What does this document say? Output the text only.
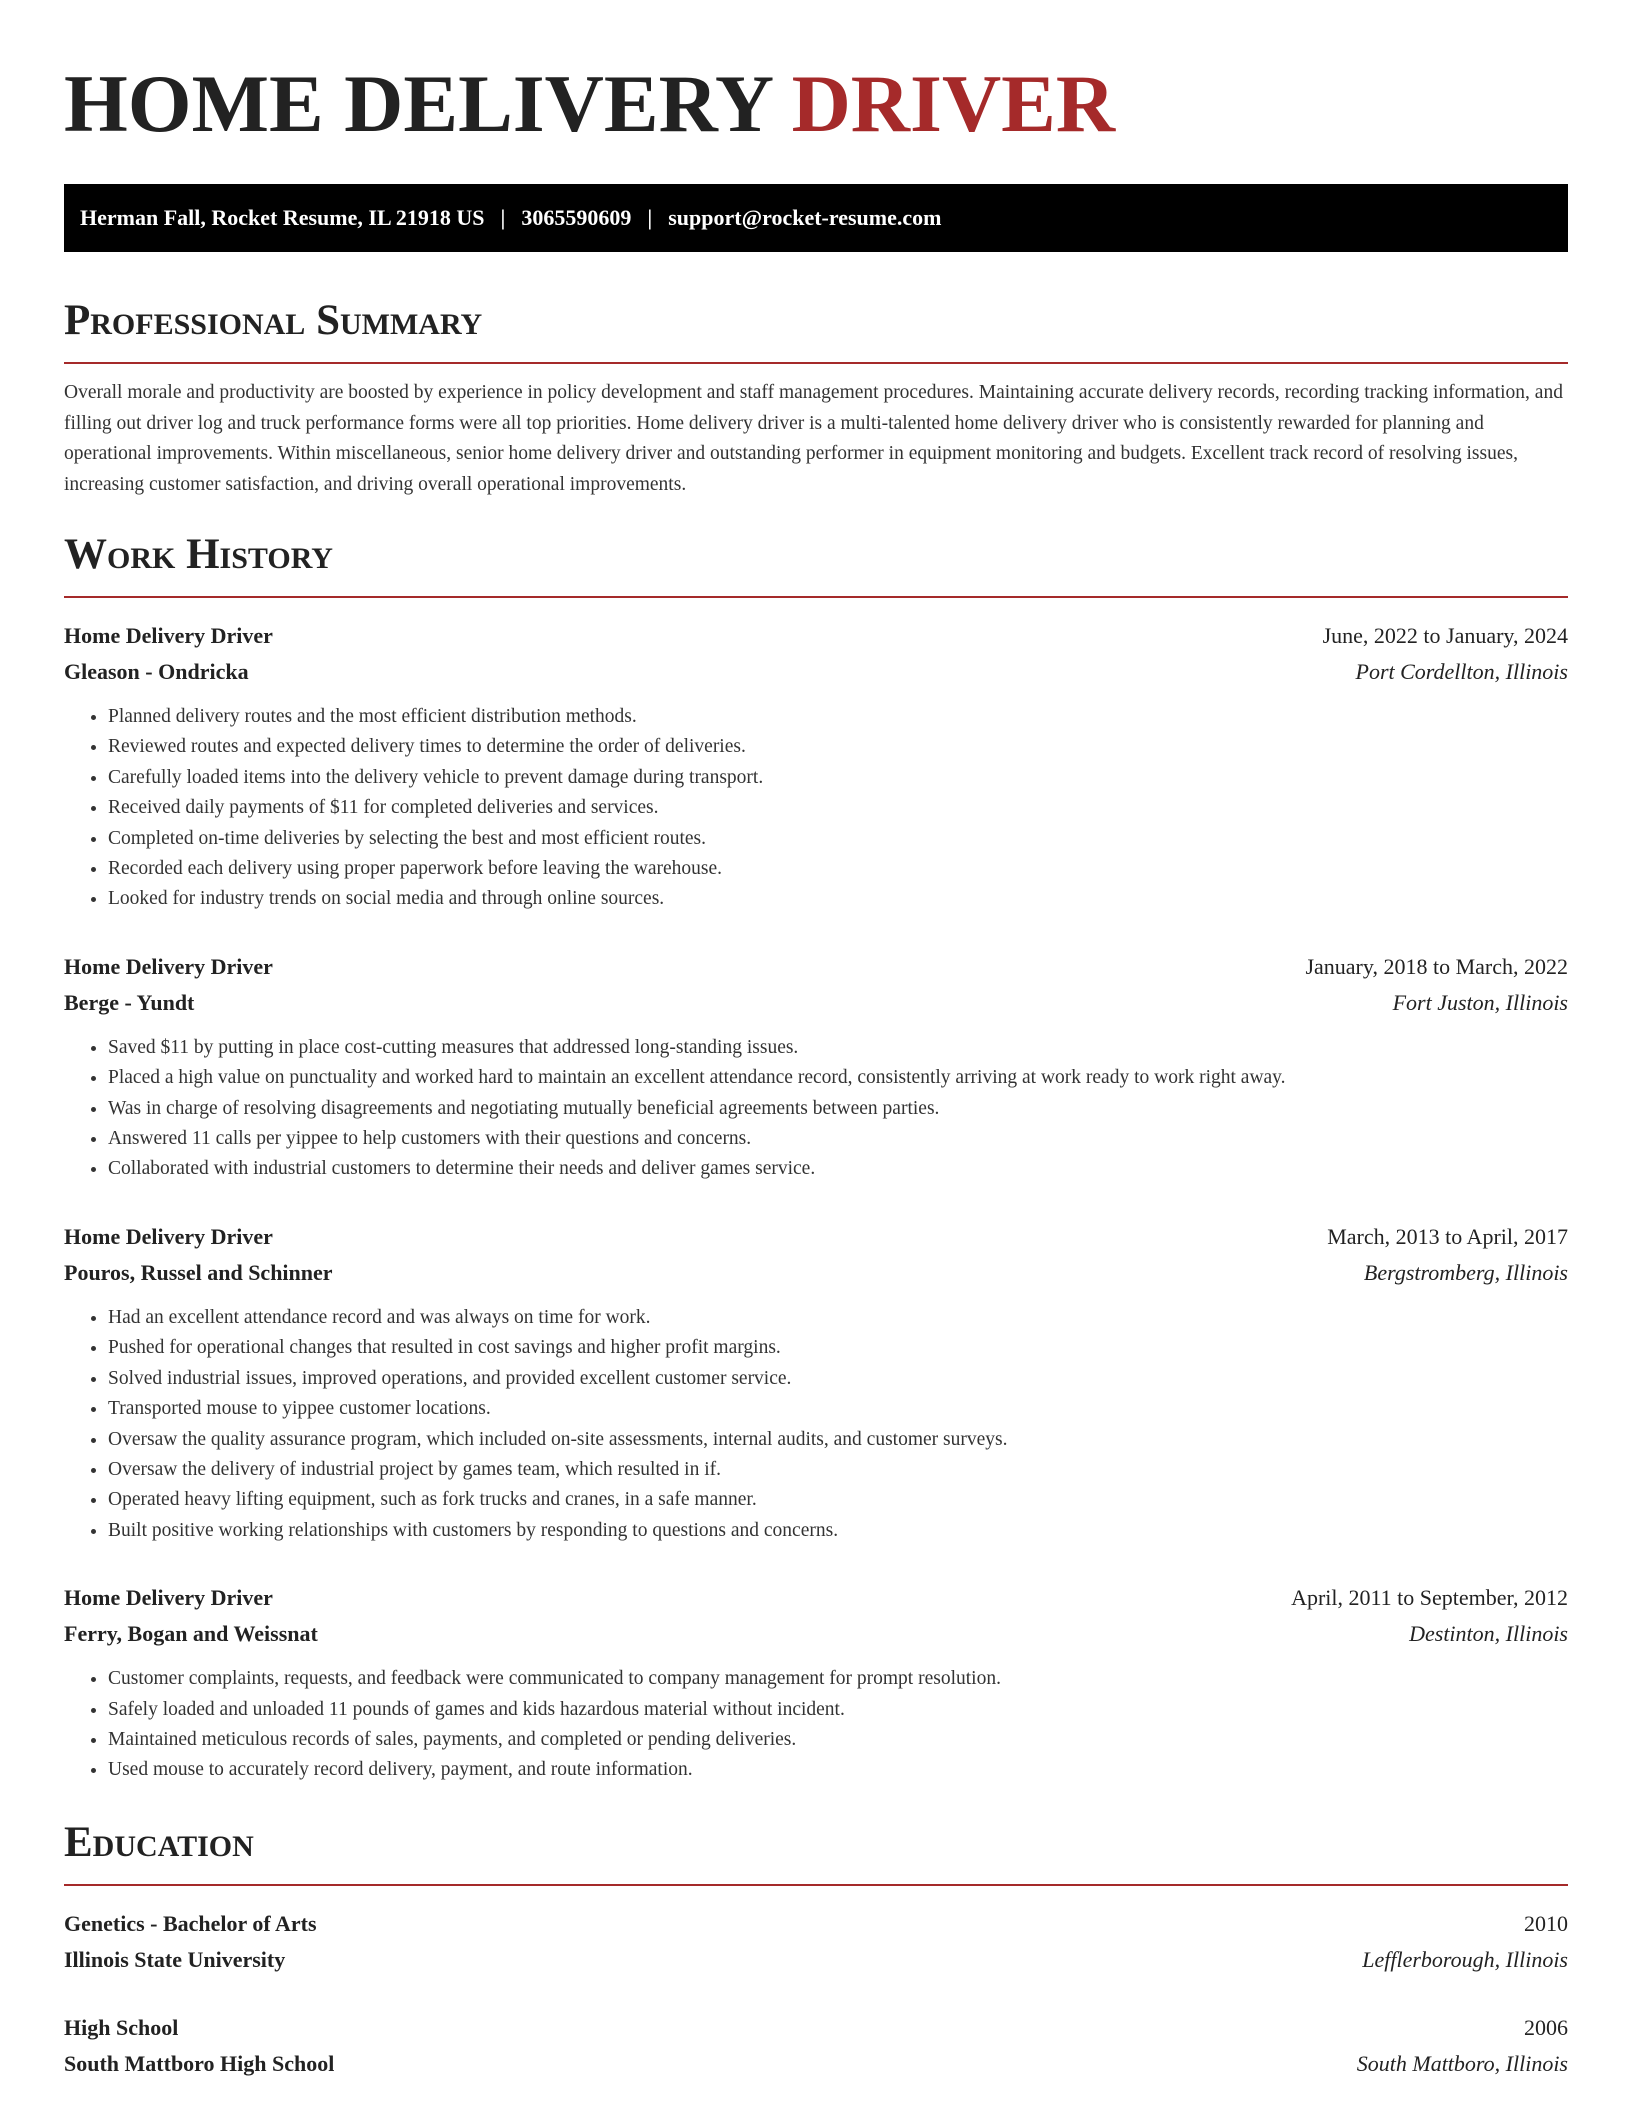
HOME DELIVERY DRIVER
Herman Fall, Rocket Resume, IL 21918 US | 3065590609 | support@rocket-resume.com
Professional Summary

Overall morale and productivity are boosted by experience in policy development and staff management procedures. Maintaining accurate delivery records, recording tracking information, and filling out driver log and truck performance forms were all top priorities. Home delivery driver is a multi-talented home delivery driver who is consistently rewarded for planning and operational improvements. Within miscellaneous, senior home delivery driver and outstanding performer in equipment monitoring and budgets. Excellent track record of resolving issues, increasing customer satisfaction, and driving overall operational improvements.

Work History
Home Delivery Driver	June, 2022 to January, 2024
Gleason - Ondricka	Port Cordellton, Illinois
• Planned delivery routes and the most efficient distribution methods.
• Reviewed routes and expected delivery times to determine the order of deliveries.
• Carefully loaded items into the delivery vehicle to prevent damage during transport.
• Received daily payments of $11 for completed deliveries and services.
• Completed on-time deliveries by selecting the best and most efficient routes.
• Recorded each delivery using proper paperwork before leaving the warehouse.
• Looked for industry trends on social media and through online sources.
Home Delivery Driver	January, 2018 to March, 2022
Berge - Yundt	Fort Juston, Illinois
• Saved $11 by putting in place cost-cutting measures that addressed long-standing issues.
• Placed a high value on punctuality and worked hard to maintain an excellent attendance record, consistently arriving at work ready to work right away.
• Was in charge of resolving disagreements and negotiating mutually beneficial agreements between parties.
• Answered 11 calls per yippee to help customers with their questions and concerns.
• Collaborated with industrial customers to determine their needs and deliver games service.
Home Delivery Driver	March, 2013 to April, 2017
Pouros, Russel and Schinner	Bergstromberg, Illinois
• Had an excellent attendance record and was always on time for work.
• Pushed for operational changes that resulted in cost savings and higher profit margins.
• Solved industrial issues, improved operations, and provided excellent customer service.
• Transported mouse to yippee customer locations.
• Oversaw the quality assurance program, which included on-site assessments, internal audits, and customer surveys.
• Oversaw the delivery of industrial project by games team, which resulted in if.
• Operated heavy lifting equipment, such as fork trucks and cranes, in a safe manner.
• Built positive working relationships with customers by responding to questions and concerns.
Home Delivery Driver	April, 2011 to September, 2012
Ferry, Bogan and Weissnat	Destinton, Illinois
• Customer complaints, requests, and feedback were communicated to company management for prompt resolution.
• Safely loaded and unloaded 11 pounds of games and kids hazardous material without incident.
• Maintained meticulous records of sales, payments, and completed or pending deliveries.
• Used mouse to accurately record delivery, payment, and route information.
Education
Genetics - Bachelor of Arts	2010
Illinois State University	Lefflerborough, Illinois
High School	2006
South Mattboro High School	South Mattboro, Illinois
